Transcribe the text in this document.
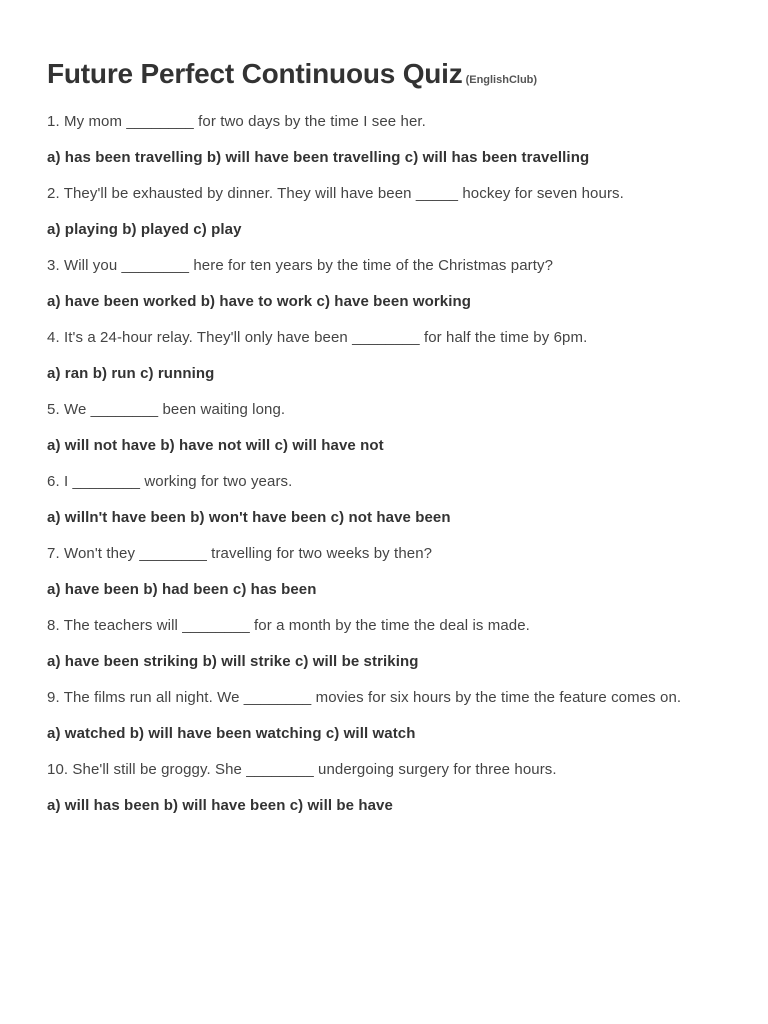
Future Perfect Continuous Quiz (EnglishClub)

1. My mom ________ for two days by the time I see her.

a) has been travelling b) will have been travelling c) will has been travelling

2. They'll be exhausted by dinner. They will have been _____ hockey for seven hours.

a) playing b) played c) play

3. Will you ________ here for ten years by the time of the Christmas party?

a) have been worked b) have to work c) have been working

4. It's a 24-hour relay. They'll only have been ________ for half the time by 6pm.

a) ran b) run c) running

5. We ________ been waiting long.

a) will not have b) have not will c) will have not

6. I ________ working for two years.

a) willn't have been b) won't have been c) not have been

7. Won't they ________ travelling for two weeks by then?

a) have been b) had been c) has been

8. The teachers will ________ for a month by the time the deal is made.

a) have been striking b) will strike c) will be striking

9. The films run all night. We ________ movies for six hours by the time the feature comes on.

a) watched b) will have been watching c) will watch

10. She'll still be groggy. She ________ undergoing surgery for three hours.

a) will has been b) will have been c) will be have
